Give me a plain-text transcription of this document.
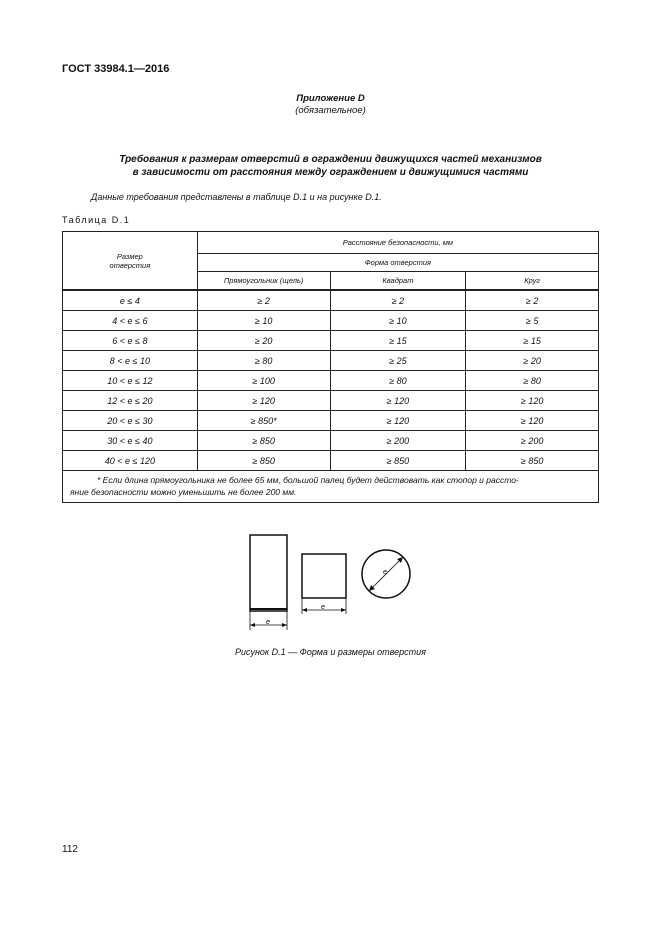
ГОСТ 33984.1—2016
Приложение D
(обязательное)
Требования к размерам отверстий в ограждении движущихся частей механизмов
в зависимости от расстояния между ограждением и движущимися частями
Данные требования представлены в таблице D.1 и на рисунке D.1.
Таблица D.1
Размер
отверстия	Расстояние безопасности, мм		
	Форма отверстия		
	Прямоугольник (щель)	Квадрат	Круг
e ≤ 4	≥ 2	≥ 2	≥ 2
4 < e ≤ 6	≥ 10	≥ 10	≥ 5
6 < e ≤ 8	≥ 20	≥ 15	≥ 15
8 < e ≤ 10	≥ 80	≥ 25	≥ 20
10 < e ≤ 12	≥ 100	≥ 80	≥ 80
12 < e ≤ 20	≥ 120	≥ 120	≥ 120
20 < e ≤ 30	≥ 850*	≥ 120	≥ 120
30 < e ≤ 40	≥ 850	≥ 200	≥ 200
40 < e ≤ 120	≥ 850	≥ 850	≥ 850

* Если длина прямоугольника не более 65 мм, большой палец будет действовать как стопор и рассто-
яние безопасности можно уменьшить не более 200 мм.			
e
e
e
Рисунок D.1 — Форма и размеры отверстия
112
